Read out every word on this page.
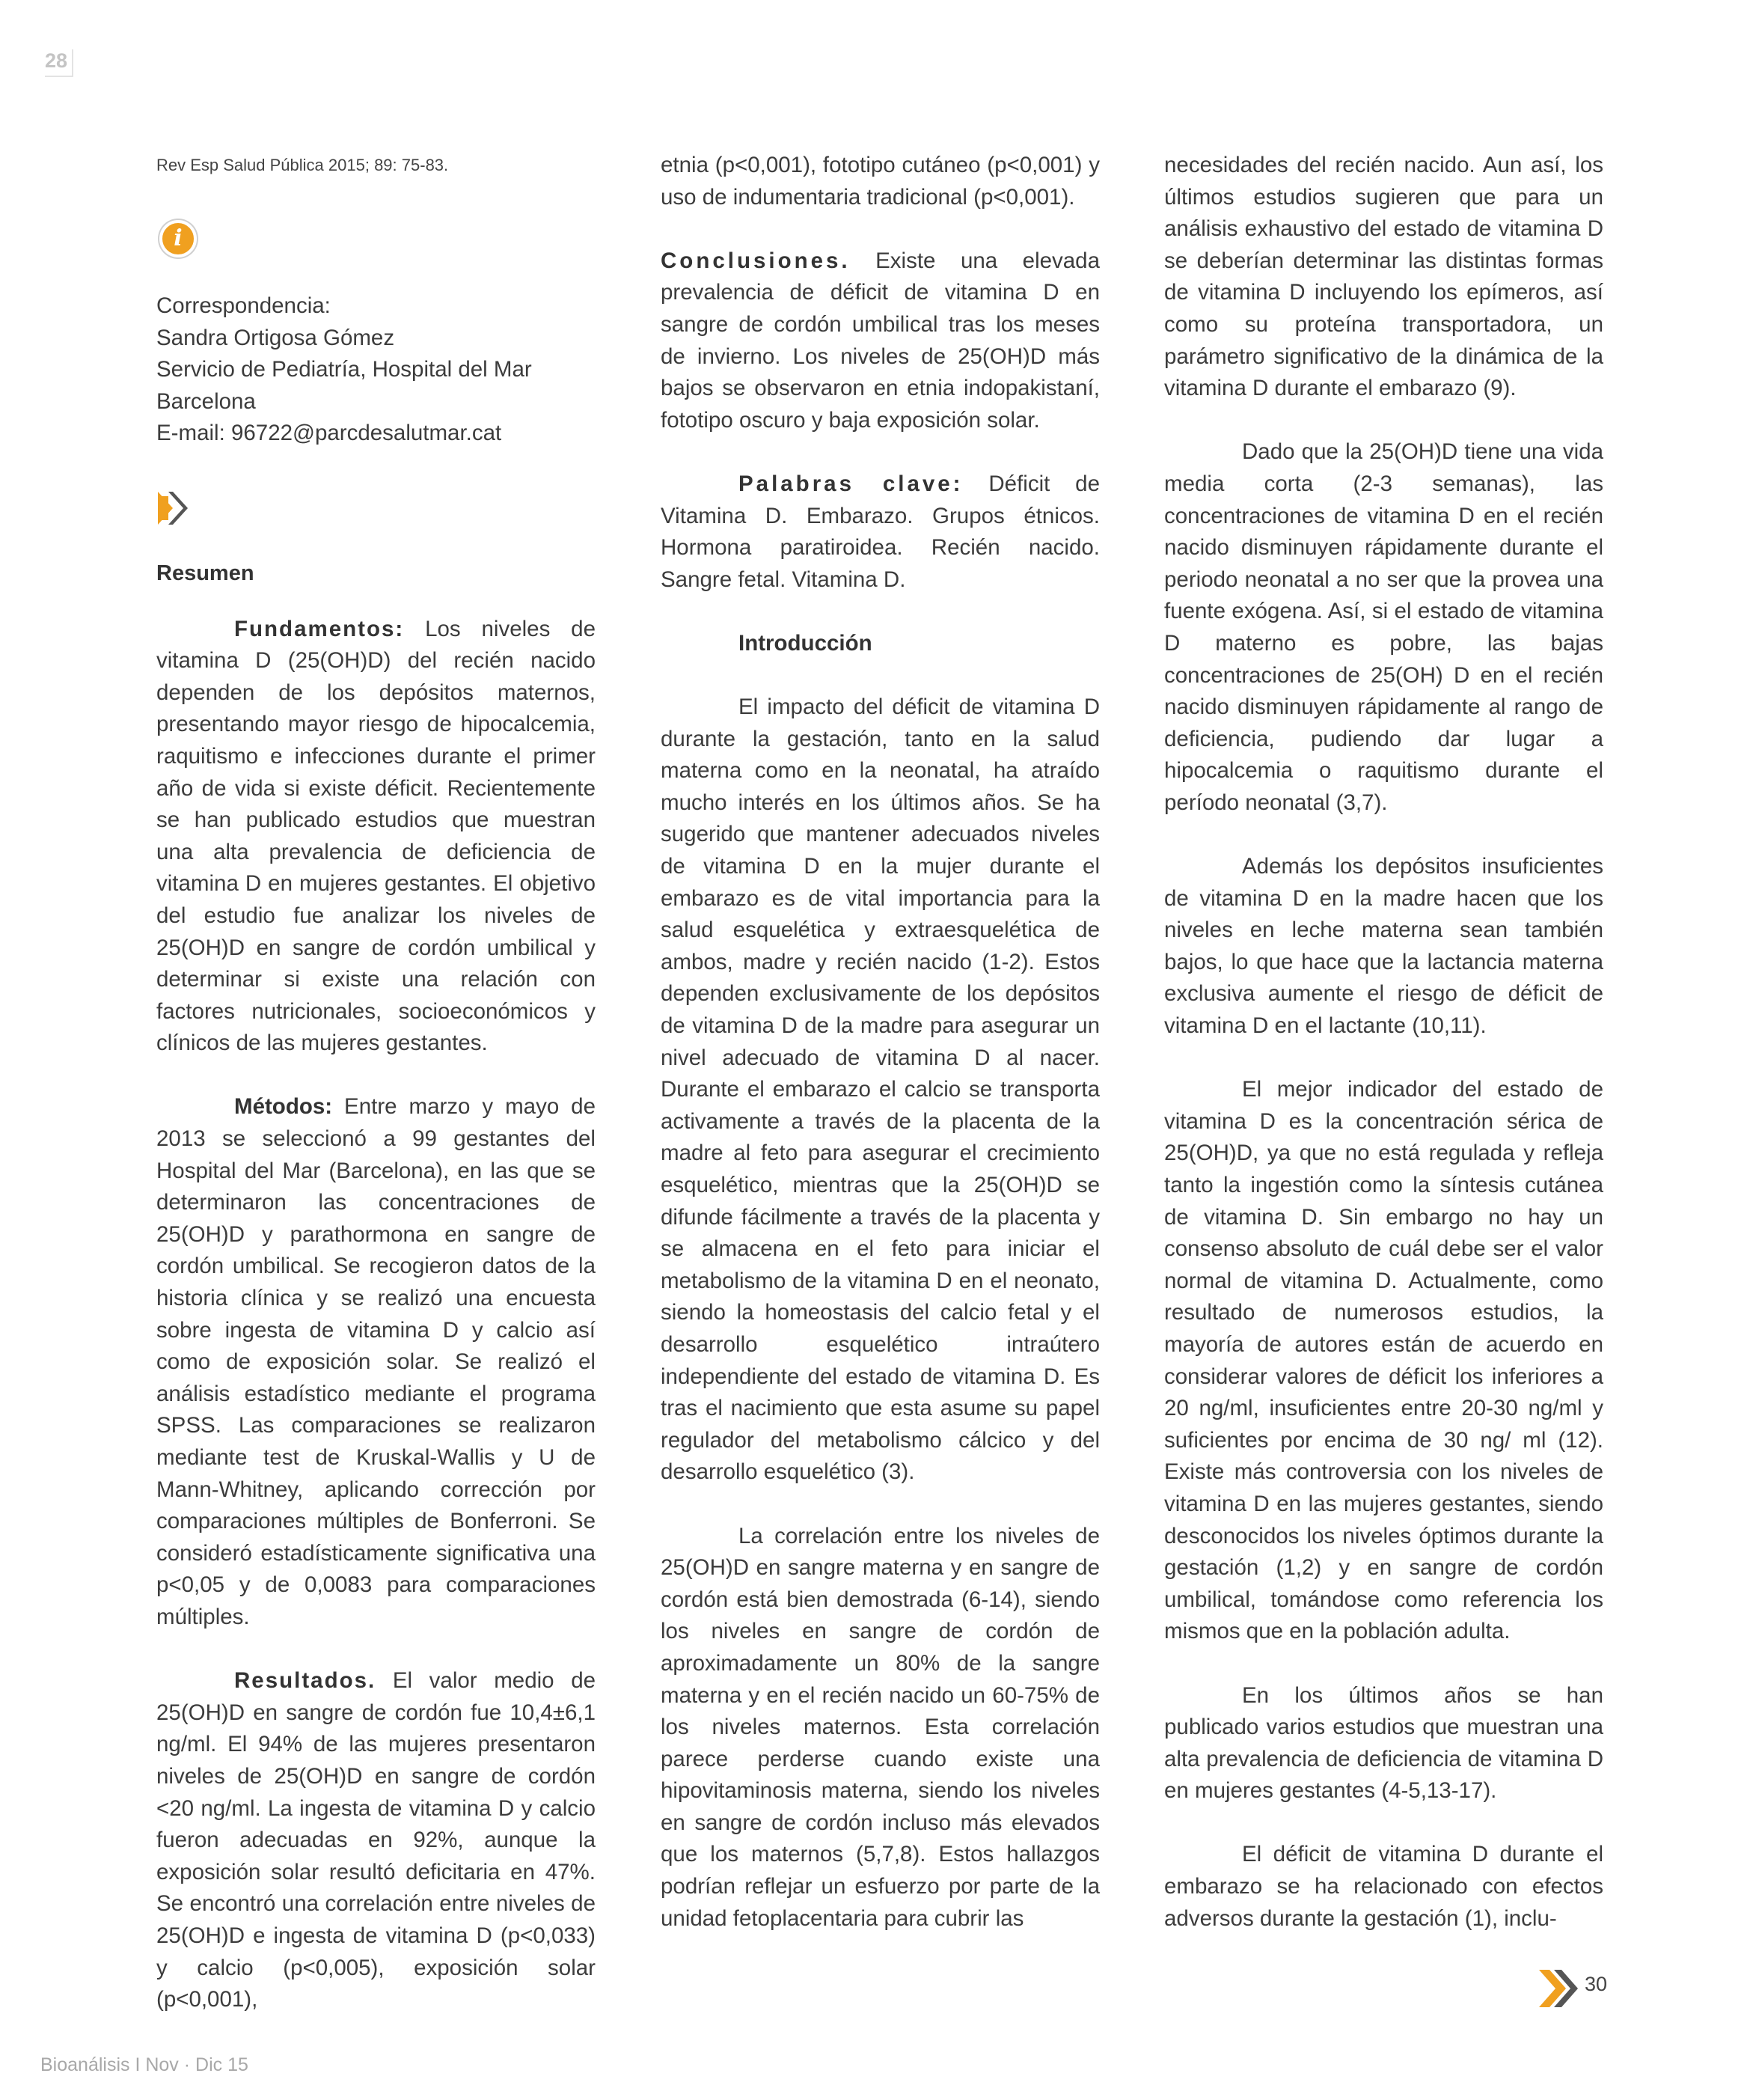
28

Rev Esp Salud Pública 2015; 89: 75-83.

i
Correspondencia:
Sandra Ortigosa Gómez
Servicio de Pediatría, Hospital del Mar
Barcelona
E-mail: 96722@parcdesalutmar.cat
Resumen

Fundamentos: Los niveles de vitamina D (25(OH)D) del recién nacido dependen de los depósitos maternos, presentando mayor riesgo de hipocalcemia, raquitismo e infecciones durante el primer año de vida si existe déficit. Recientemente se han publicado estudios que muestran una alta prevalencia de deficiencia de vitamina D en mujeres gestantes. El objetivo del estudio fue analizar los niveles de 25(OH)D en sangre de cordón umbilical y determinar si existe una relación con factores nutricionales, socioeconómicos y clínicos de las mujeres gestantes.

Métodos: Entre marzo y mayo de 2013 se seleccionó a 99 gestantes del Hospital del Mar (Barcelona), en las que se determinaron las concentraciones de 25(OH)D y parathormona en sangre de cordón umbilical. Se recogieron datos de la historia clínica y se realizó una encuesta sobre ingesta de vitamina D y calcio así como de exposición solar. Se realizó el análisis estadístico mediante el programa SPSS. Las comparaciones se realizaron mediante test de Kruskal-Wallis y U de Mann-Whitney, aplicando corrección por comparaciones múltiples de Bonferroni. Se consideró estadísticamente significativa una p<0,05 y de 0,0083 para comparaciones múltiples.

Resultados. El valor medio de 25(OH)D en sangre de cordón fue 10,4±6,1 ng/ml. El 94% de las mujeres presentaron niveles de 25(OH)D en sangre de cordón <20 ng/ml. La ingesta de vitamina D y calcio fueron adecuadas en 92%, aunque la exposición solar resultó deficitaria en 47%. Se encontró una correlación entre niveles de 25(OH)D e ingesta de vitamina D (p<0,033) y calcio (p<0,005), exposición solar (p<0,001),

etnia (p<0,001), fototipo cutáneo (p<0,001) y uso de indumentaria tradicional (p<0,001).

Conclusiones. Existe una elevada prevalencia de déficit de vitamina D en sangre de cordón umbilical tras los meses de invierno. Los niveles de 25(OH)D más bajos se observaron en etnia indopakistaní, fototipo oscuro y baja exposición solar.

Palabras clave: Déficit de Vitamina D. Embarazo. Grupos étnicos. Hormona paratiroidea. Recién nacido. Sangre fetal. Vitamina D.

Introducción

El impacto del déficit de vitamina D durante la gestación, tanto en la salud materna como en la neonatal, ha atraído mucho interés en los últimos años. Se ha sugerido que mantener adecuados niveles de vitamina D en la mujer durante el embarazo es de vital importancia para la salud esquelética y extraesquelética de ambos, madre y recién nacido (1-2). Estos dependen exclusivamente de los depósitos de vitamina D de la madre para asegurar un nivel adecuado de vitamina D al nacer. Durante el embarazo el calcio se transporta activamente a través de la placenta de la madre al feto para asegurar el crecimiento esquelético, mientras que la 25(OH)D se difunde fácilmente a través de la placenta y se almacena en el feto para iniciar el metabolismo de la vitamina D en el neonato, siendo la homeostasis del calcio fetal y el desarrollo esquelético intraútero independiente del estado de vitamina D. Es tras el nacimiento que esta asume su papel regulador del metabolismo cálcico y del desarrollo esquelético (3).

La correlación entre los niveles de 25(OH)D en sangre materna y en sangre de cordón está bien demostrada (6-14), siendo los niveles en sangre de cordón de aproximadamente un 80% de la sangre materna y en el recién nacido un 60-75% de los niveles maternos. Esta correlación parece perderse cuando existe una hipovitaminosis materna, siendo los niveles en sangre de cordón incluso más elevados que los maternos (5,7,8). Estos hallazgos podrían reflejar un esfuerzo por parte de la unidad fetoplacentaria para cubrir las

necesidades del recién nacido. Aun así, los últimos estudios sugieren que para un análisis exhaustivo del estado de vitamina D se deberían determinar las distintas formas de vitamina D incluyendo los epímeros, así como su proteína transportadora, un parámetro significativo de la dinámica de la vitamina D durante el embarazo (9).

Dado que la 25(OH)D tiene una vida media corta (2-3 semanas), las concentraciones de vitamina D en el recién nacido disminuyen rápidamente durante el periodo neonatal a no ser que la provea una fuente exógena. Así, si el estado de vitamina D materno es pobre, las bajas concentraciones de 25(OH) D en el recién nacido disminuyen rápidamente al rango de deficiencia, pudiendo dar lugar a hipocalcemia o raquitismo durante el período neonatal (3,7).

Además los depósitos insuficientes de vitamina D en la madre hacen que los niveles en leche materna sean también bajos, lo que hace que la lactancia materna exclusiva aumente el riesgo de déficit de vitamina D en el lactante (10,11).

El mejor indicador del estado de vitamina D es la concentración sérica de 25(OH)D, ya que no está regulada y refleja tanto la ingestión como la síntesis cutánea de vitamina D. Sin embargo no hay un consenso absoluto de cuál debe ser el valor normal de vitamina D. Actualmente, como resultado de numerosos estudios, la mayoría de autores están de acuerdo en considerar valores de déficit los inferiores a 20 ng/ml, insuficientes entre 20-30 ng/ml y suficientes por encima de 30 ng/ ml (12). Existe más controversia con los niveles de vitamina D en las mujeres gestantes, siendo desconocidos los niveles óptimos durante la gestación (1,2) y en sangre de cordón umbilical, tomándose como referencia los mismos que en la población adulta.

En los últimos años se han publicado varios estudios que muestran una alta prevalencia de deficiencia de vitamina D en mujeres gestantes (4-5,13-17).

El déficit de vitamina D durante el embarazo se ha relacionado con efectos adversos durante la gestación (1), inclu-

30
Bioanálisis I Nov · Dic 15
